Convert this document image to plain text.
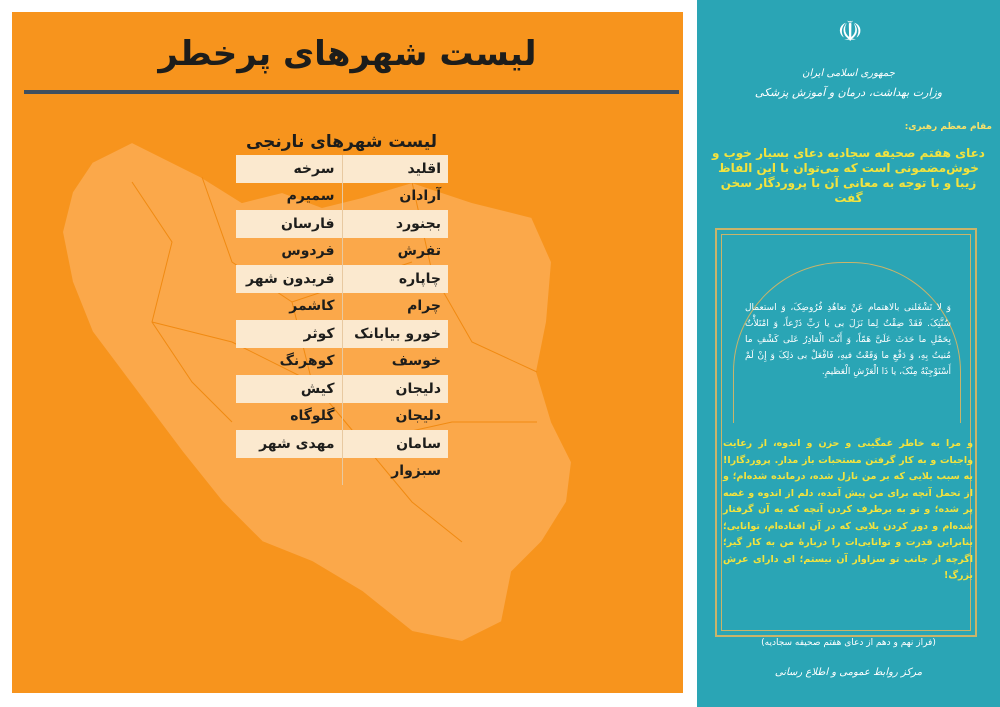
لیست شهرهای پرخطر
لیست شهرهای نارنجی
اقلید	سرخه
آرادان	سمیرم
بجنورد	فارسان
تفرش	فردوس
چاپاره	فریدون شهر
چرام	کاشمر
خورو بیابانک	کوثر
خوسف	کوهرنگ
دلیجان	کیش
دلیجان	گلوگاه
سامان	مهدی شهر
سبزوار	
☫
جمهوری اسلامی ایران
وزارت بهداشت، درمان و آموزش پزشکی
مقام معظم رهبری:
دعای هفتم صحیفه سجادیه دعای بسیار خوب و خوش‌مضمونی است که می‌توان با این الفاظ زیبا و با توجه به معانی آن با پروردگار سخن گفت
وَ لا تَشْغَلنی بالاهتمام عَنْ تعاهُدِ فُرُوضِکَ، وَ استعمال سُنَّتِکَ. فَقَدْ ضِقْتُ لِما نَزَلَ بی یا رَبِّ ذَرْعاً، وَ امْتَلأْتُ بِحَمْلِ ما حَدَثَ عَلَیَّ هَمّاً، وَ أَنْتَ الْقادِرُ عَلی کَشْفِ ما مُنیتُ بِهِ، وَ دَفْعِ ما وَقَعْتُ فیهِ، فَافْعَلْ بی ذلِکَ وَ إِنْ لَمْ أَسْتَوْجِبْهُ مِنْکَ، یا ذَا الْعَرْشِ الْعَظیمِ.
و مرا به خاطر غمگینی و حزن و اندوه، از رعایت واجبات و به کار گرفتن مستحبات باز مدار. پروردگارا! به سبب بلایی که بر من نازل شده، درمانده شده‌ام؛ و از تحمل آنچه برای من پیش آمده، دلم از اندوه و غصه پر شده؛ و تو به برطرف کردن آنچه که به آن گرفتار شده‌ام و دور کردن بلایی که در آن افتاده‌ام، توانایی؛ بنابراین قدرت و توانایی‌ات را دربارهٔ من به کار گیر؛ اگرچه از جانب تو سزاوار آن نیستم؛ ای دارای عرش بزرگ!
(فراز نهم و دهم از دعای هفتم صحیفه سجادیه)
مرکز روابط عمومی و اطلاع رسانی
